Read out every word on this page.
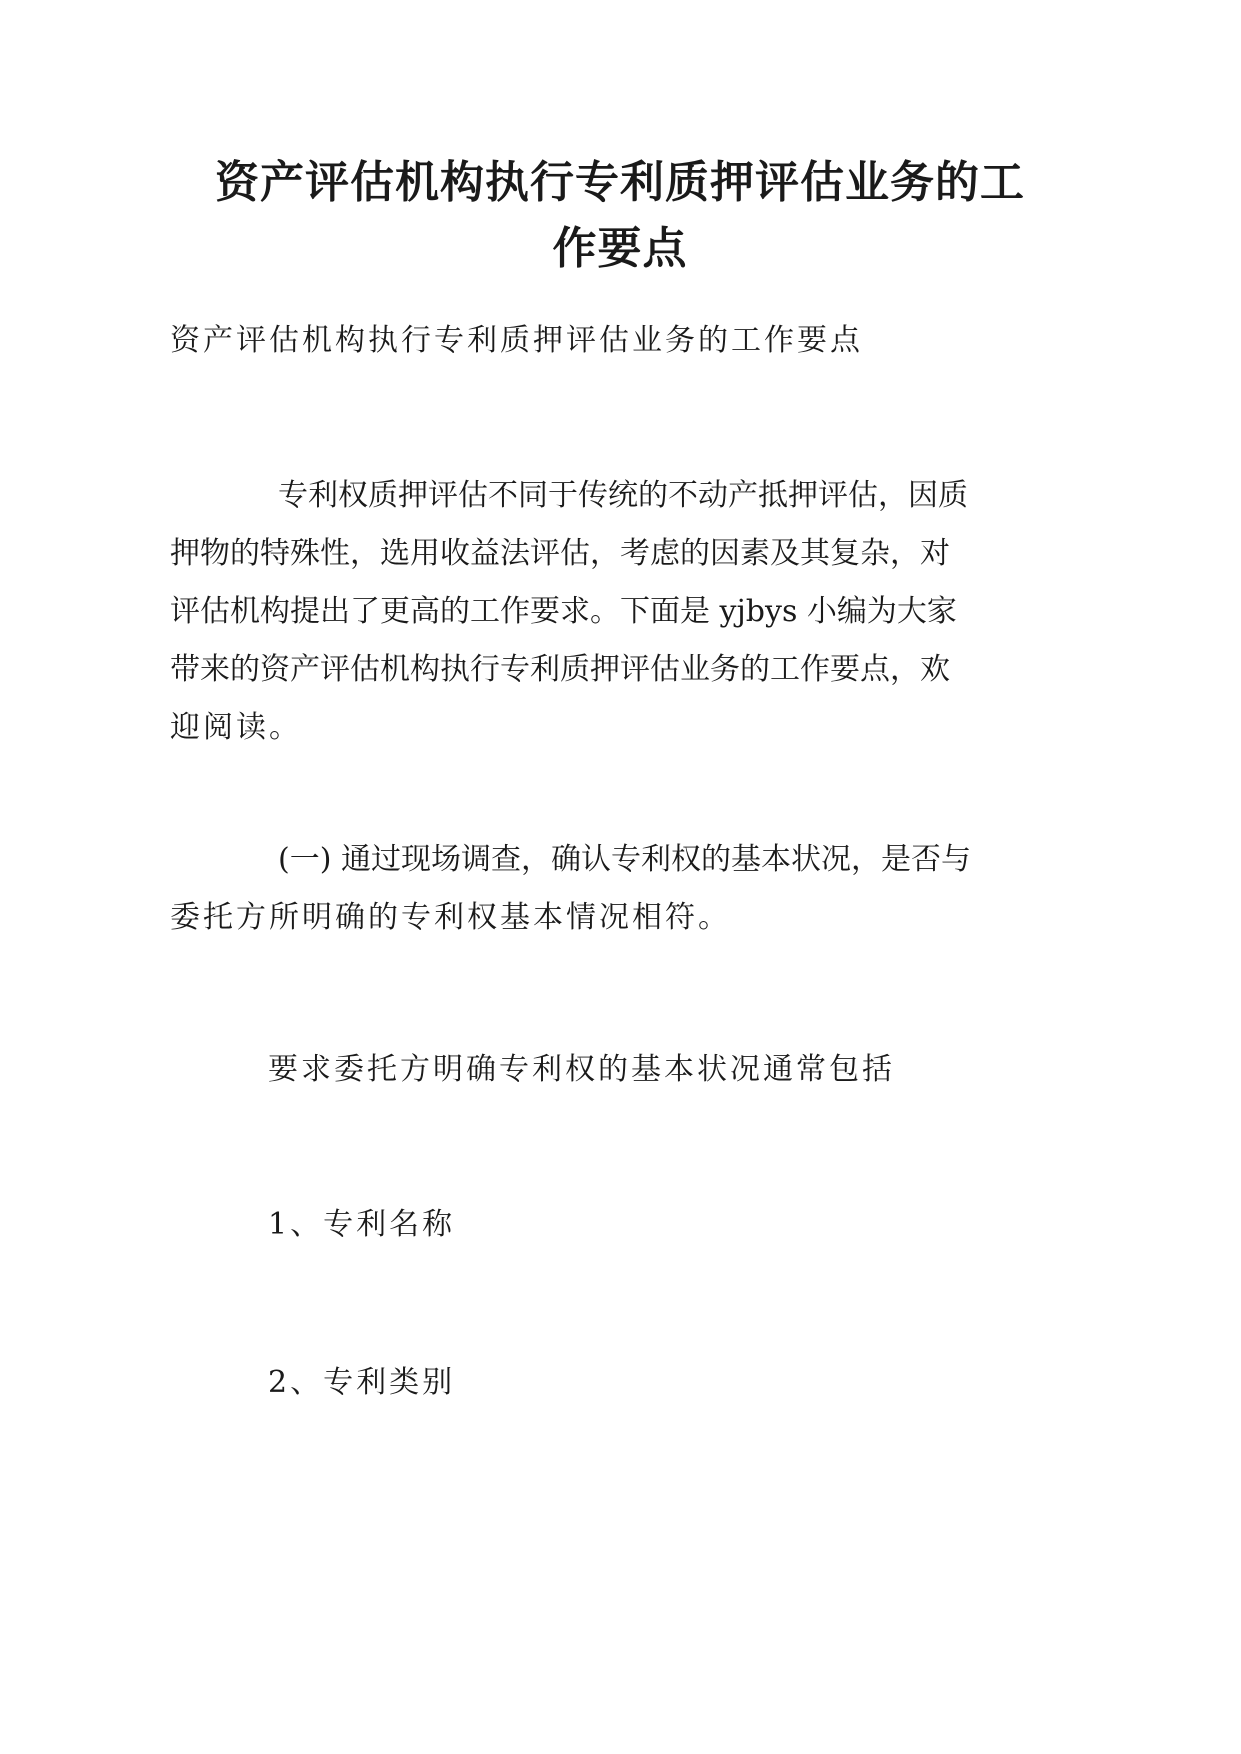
资产评估机构执行专利质押评估业务的工
作要点

资产评估机构执行专利质押评估业务的工作要点

专利权质押评估不同于传统的不动产抵押评估，因质
押物的特殊性，选用收益法评估，考虑的因素及其复杂，对
评估机构提出了更高的工作要求。下面是 yjbys 小编为大家
带来的资产评估机构执行专利质押评估业务的工作要点，欢
迎阅读。
(一) 通过现场调查，确认专利权的基本状况，是否与
委托方所明确的专利权基本情况相符。

要求委托方明确专利权的基本状况通常包括

1、专利名称

2、专利类别
